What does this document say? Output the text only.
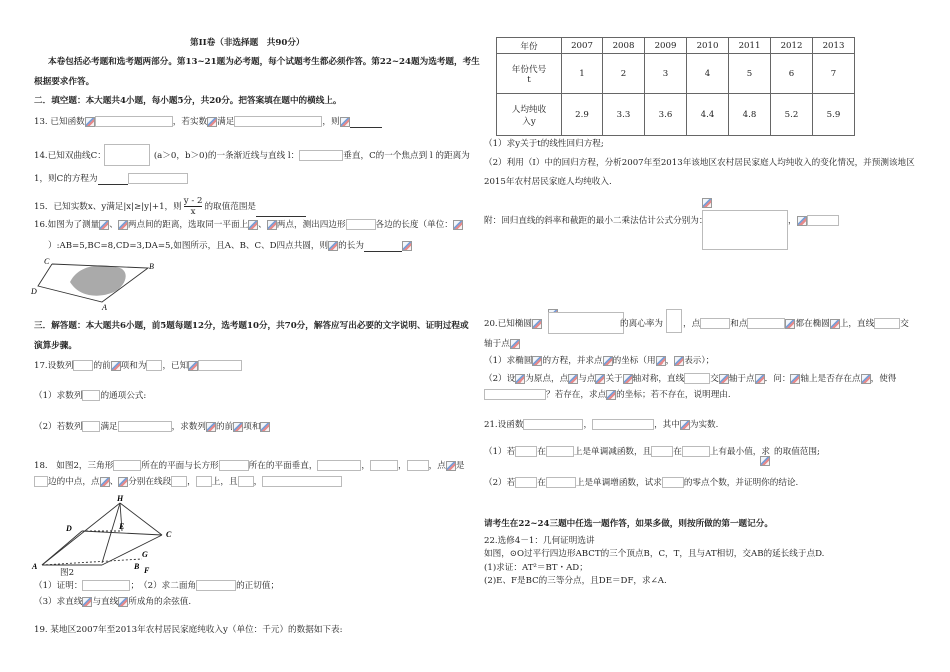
第II卷（非选择题　共90分）
本卷包括必考题和选考题两部分。第13~21题为必考题，每个试题考生都必须作答。第22~24题为选考题，考生
根据要求作答。
二．填空题：本大题共4小题，每小题5分，共20分。把答案填在题中的横线上。
13. 已知函数	，若实数 满足	，则
14.已知双曲线C：	(a＞0，b＞0)的一条渐近线与直线 l：	垂直，C的一个焦点到 l 的距离为
1，则C的方程为
15．已知实数x、y满足|x|≥|y|+1，则 $\frac{y - 2}{x}$ 的取值范围是
16.如图为了测量 、 两点间的距离，选取同一平面上 、 两点，测出四边形	各边的长度（单位：
）:AB=5,BC=8,CD=3,DA=5,如图所示，且A、B、C、D四点共圆，则 的长为
C
B
A
D
三．解答题：本大题共6小题，前5题每题12分，选考题10分，共70分，解答应写出必要的文字说明、证明过程或
演算步骤。
17.设数列 的前 项和为 ，已知
（1）求数列 的通项公式:
（2）若数列 满足	，求数列 的前 项和
18.　如图2，三角形	所在的平面与长方形	所在的平面垂直，	，	，	，点 是
边的中点，点 、 分别在线段 ， 上，且 ，
H
D	E
C
A
G
B F
图2
（1）证明：	；　（2）求二面角	的正切值；
（3）求直线 与直线 所成角的余弦值.
19. 某地区2007年至2013年农村居民家庭纯收入y（单位：千元）的数据如下表:
年份	2007	2008	2009	2010	2011	2012	2013

年份代号
t	1	2	3	4	5	6	7

人均纯收
入y	2.9	3.3	3.6	4.4	4.8	5.2	5.9
（1）求y关于t的线性回归方程;
（2）利用（Ⅰ）中的回归方程，分析2007年至2013年该地区农村居民家庭人均纯收入的变化情况，并预测该地区
2015年农村居民家庭人均纯收入.
附：回归直线的斜率和截距的最小二乘法估计公式分别为：	，
20.已知椭圆	的离心率为 ，点	和点	都在椭圆 上，直线	交
轴于点
（1）求椭圆 的方程，并求点 的坐标（用 ， 表示）；
（2）设 为原点，点 与点 关于 轴对称，直线	交 轴于点 ．问： 轴上是否存在点 ，使得
？若存在，求点 的坐标；若不存在，说明理由.
21.设函数	，	，其中 为实数.
（1）若	在	上是单调减函数，且	在	上有最小值，求 的取值范围;
（2）若	在	上是单调增函数，试求	的零点个数，并证明你的结论.
请考生在22~24三题中任选一题作答，如果多做，则按所做的第一题记分。
22.选修4－1：几何证明选讲
如图，⊙O过平行四边形ABCT的三个顶点B，C，T，且与AT相切，交AB的延长线于点D.
(1)求证：AT²＝BT・AD；
(2)E、F是BC的三等分点，且DE＝DF，求∠A.
